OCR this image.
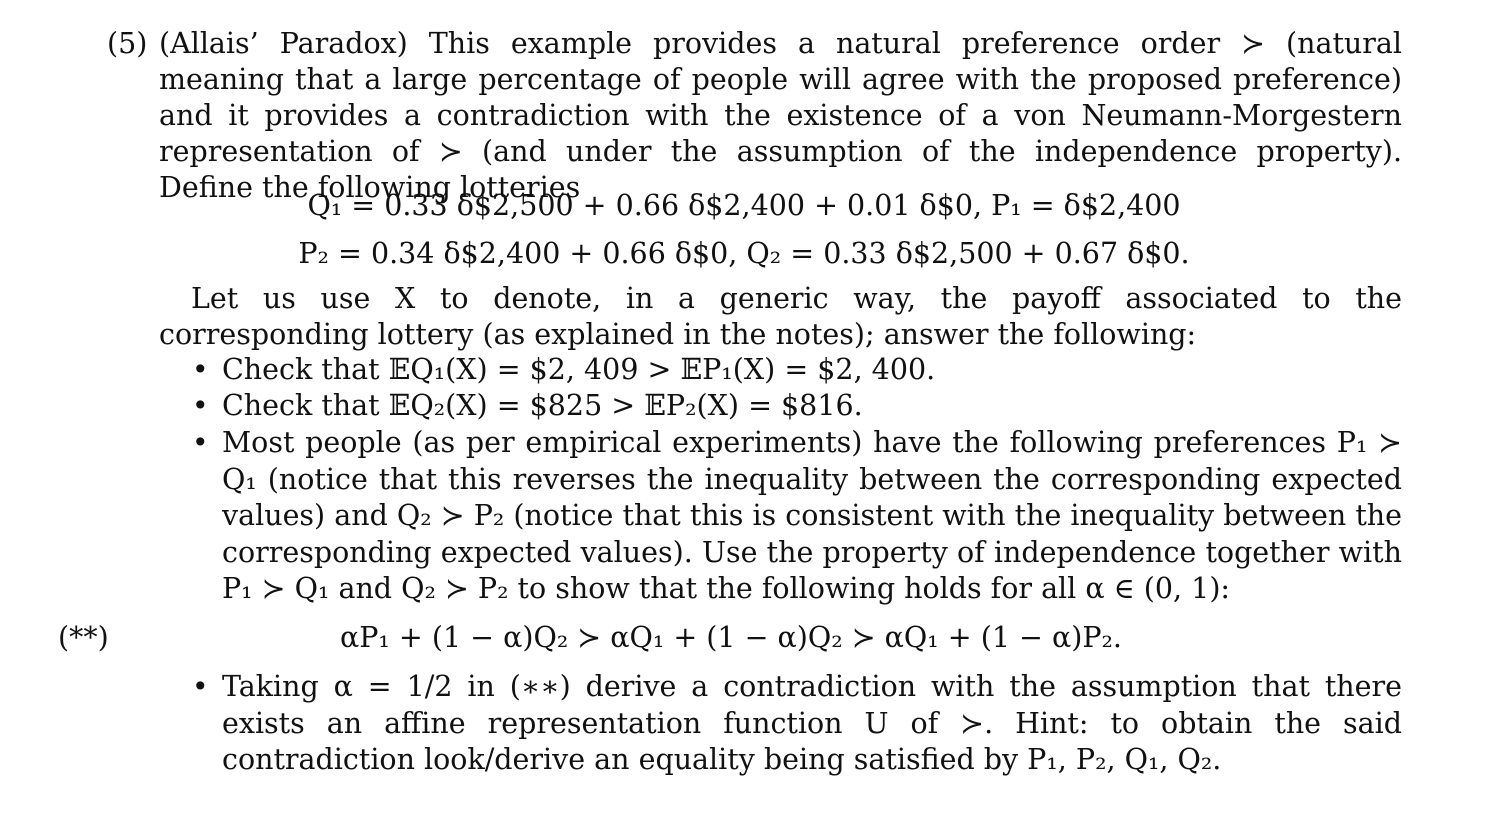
(5) (Allais’ Paradox) This example provides a natural preference order ≻ (natural meaning that a large percentage of people will agree with the proposed preference) and it provides a contradiction with the existence of a von Neumann-Morgestern representation of ≻ (and under the assumption of the independence property). Define the following lotteries
Q₁ = 0.33 δ$2,500 + 0.66 δ$2,400 + 0.01 δ$0, P₁ = δ$2,400
P₂ = 0.34 δ$2,400 + 0.66 δ$0, Q₂ = 0.33 δ$2,500 + 0.67 δ$0.
Let us use X to denote, in a generic way, the payoff associated to the corresponding lottery (as explained in the notes); answer the following:
• Check that 𝔼Q₁(X) = $2, 409 > 𝔼P₁(X) = $2, 400.
• Check that 𝔼Q₂(X) = $825 > 𝔼P₂(X) = $816.
• Most people (as per empirical experiments) have the following preferences P₁ ≻ Q₁ (notice that this reverses the inequality between the corresponding expected values) and Q₂ ≻ P₂ (notice that this is consistent with the inequality between the corresponding expected values). Use the property of independence together with P₁ ≻ Q₁ and Q₂ ≻ P₂ to show that the following holds for all α ∈ (0, 1):
(**)	αP₁ + (1 − α)Q₂ ≻ αQ₁ + (1 − α)Q₂ ≻ αQ₁ + (1 − α)P₂.
• Taking α = 1/2 in (∗∗) derive a contradiction with the assumption that there exists an affine representation function U of ≻. Hint: to obtain the said contradiction look/derive an equality being satisfied by P₁, P₂, Q₁, Q₂.
